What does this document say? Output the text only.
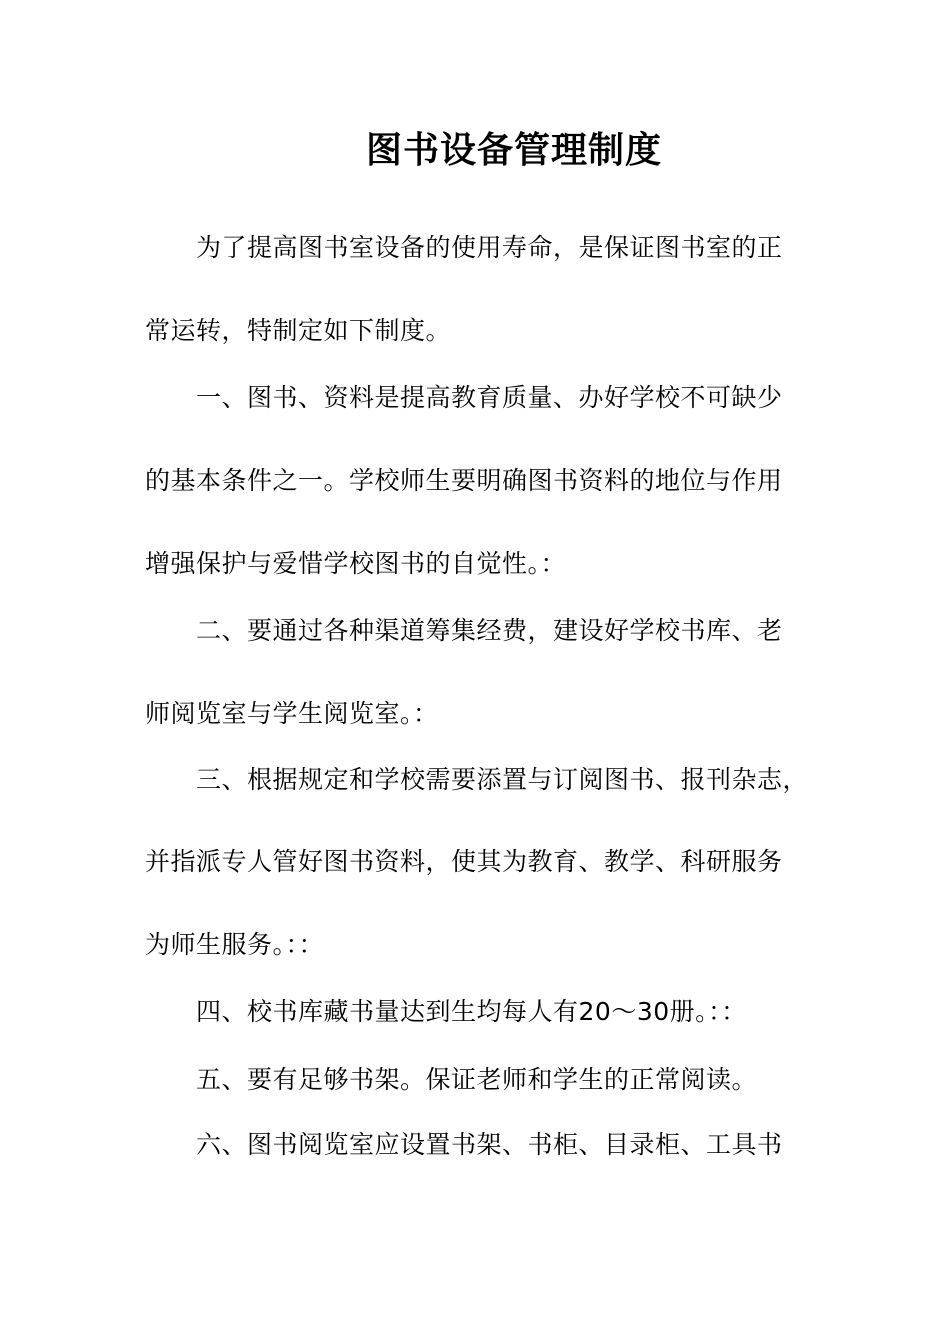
图书设备管理制度
为了提高图书室设备的使用寿命，是保证图书室的正
常运转，特制定如下制度。
一、图书、资料是提高教育质量、办好学校不可缺少
的基本条件之一。学校师生要明确图书资料的地位与作用
增强保护与爱惜学校图书的自觉性。：
二、要通过各种渠道筹集经费，建设好学校书库、老
师阅览室与学生阅览室。：
三、根据规定和学校需要添置与订阅图书、报刊杂志，
并指派专人管好图书资料，使其为教育、教学、科研服务
为师生服务。：：
四、校书库藏书量达到生均每人有20～30册。：：
五、要有足够书架。保证老师和学生的正常阅读。
六、图书阅览室应设置书架、书柜、目录柜、工具书
